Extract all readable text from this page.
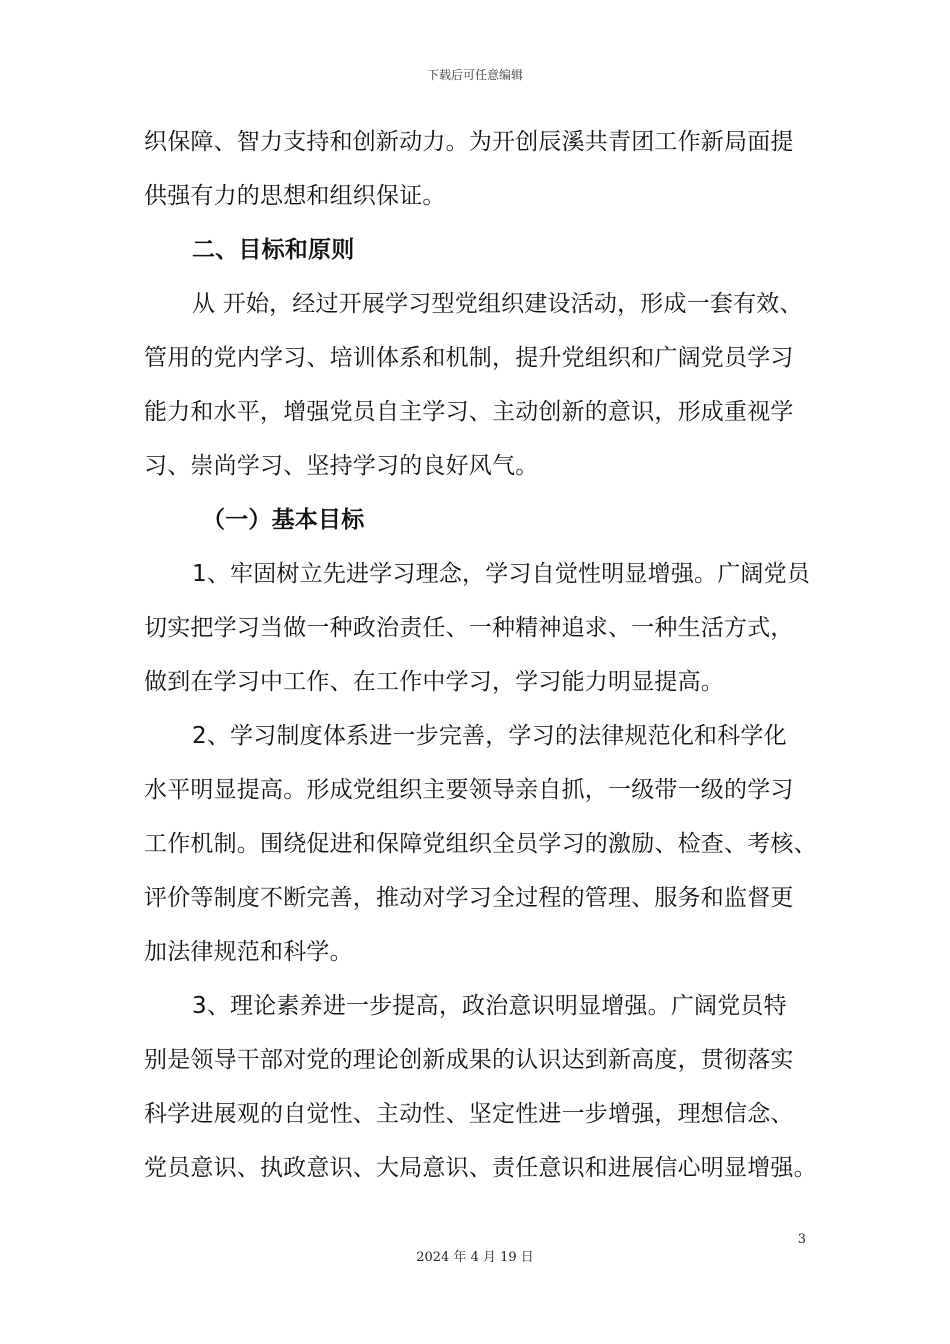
下载后可任意编辑
织保障、智力支持和创新动力。为开创辰溪共青团工作新局面提
供强有力的思想和组织保证。
二、目标和原则
从 开始，经过开展学习型党组织建设活动，形成一套有效、
管用的党内学习、培训体系和机制，提升党组织和广阔党员学习
能力和水平，增强党员自主学习、主动创新的意识，形成重视学
习、崇尚学习、坚持学习的良好风气。
（一）基本目标
1、牢固树立先进学习理念，学习自觉性明显增强。广阔党员
切实把学习当做一种政治责任、一种精神追求、一种生活方式，
做到在学习中工作、在工作中学习，学习能力明显提高。
2、学习制度体系进一步完善，学习的法律规范化和科学化
水平明显提高。形成党组织主要领导亲自抓，一级带一级的学习
工作机制。围绕促进和保障党组织全员学习的激励、检查、考核、
评价等制度不断完善，推动对学习全过程的管理、服务和监督更
加法律规范和科学。
3、理论素养进一步提高，政治意识明显增强。广阔党员特
别是领导干部对党的理论创新成果的认识达到新高度，贯彻落实
科学进展观的自觉性、主动性、坚定性进一步增强，理想信念、
党员意识、执政意识、大局意识、责任意识和进展信心明显增强。
3
2024 年 4 月 19 日
